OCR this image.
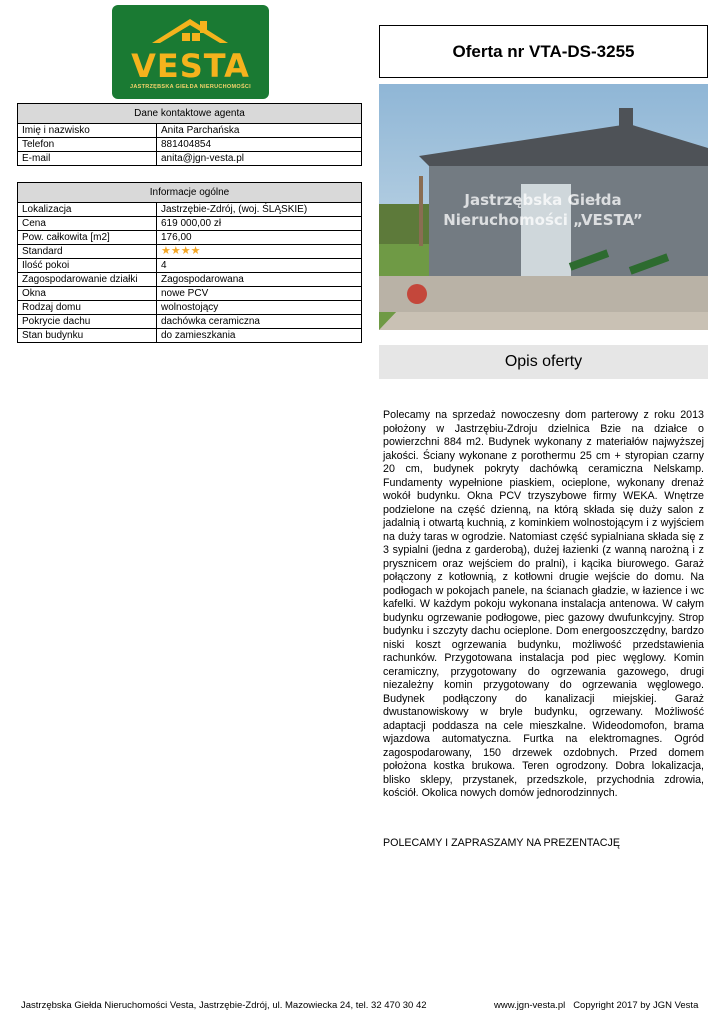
VESTA
JASTRZĘBSKA GIEŁDA NIERUCHOMOŚCI
Dane kontaktowe agenta	
Imię i nazwisko	Anita Parchańska
Telefon	881404854
E-mail	anita@jgn-vesta.pl
Informacje ogólne	
Lokalizacja	Jastrzębie-Zdrój, (woj. ŚLĄSKIE)
Cena	619 000,00 zł
Pow. całkowita [m2]	176,00
Standard	★★★★
Ilość pokoi	4
Zagospodarowanie działki	Zagospodarowana
Okna	nowe PCV
Rodzaj domu	wolnostojący
Pokrycie dachu	dachówka ceramiczna
Stan budynku	do zamieszkania
Oferta nr VTA-DS-3255
Jastrzębska Giełda
Nieruchomości „VESTA”
Opis oferty

Polecamy na sprzedaż nowoczesny dom parterowy z roku 2013 położony w Jastrzębiu-Zdroju dzielnica Bzie na działce o powierzchni 884 m2. Budynek wykonany z materiałów najwyższej jakości. Ściany wykonane z porothermu 25 cm + styropian czarny 20 cm, budynek pokryty dachówką ceramiczna Nelskamp. Fundamenty wypełnione piaskiem, ocieplone, wykonany drenaż wokół budynku. Okna PCV trzyszybowe firmy WEKA. Wnętrze podzielone na część dzienną, na którą składa się duży salon z jadalnią i otwartą kuchnią, z kominkiem wolnostojącym i z wyjściem na duży taras w ogrodzie. Natomiast część sypialniana składa się z 3 sypialni (jedna z garderobą), dużej łazienki (z wanną narożną i z prysznicem oraz wejściem do pralni), i kącika biurowego. Garaż połączony z kotłownią, z kotłowni drugie wejście do domu. Na podłogach w pokojach panele, na ścianach gładzie, w łazience i wc kafelki. W każdym pokoju wykonana instalacja antenowa. W całym budynku ogrzewanie podłogowe, piec gazowy dwufunkcyjny. Strop budynku i szczyty dachu ocieplone. Dom energooszczędny, bardzo niski koszt ogrzewania budynku, możliwość przedstawienia rachunków. Przygotowana instalacja pod piec węglowy. Komin ceramiczny, przygotowany do ogrzewania gazowego, drugi niezależny komin przygotowany do ogrzewania węglowego. Budynek podłączony do kanalizacji miejskiej. Garaż dwustanowiskowy w bryle budynku, ogrzewany. Możliwość adaptacji poddasza na cele mieszkalne. Wideodomofon, brama wjazdowa automatyczna. Furtka na elektromagnes. Ogród zagospodarowany, 150 drzewek ozdobnych. Przed domem położona kostka brukowa. Teren ogrodzony. Dobra lokalizacja, blisko sklepy, przystanek, przedszkole, przychodnia zdrowia, kościół. Okolica nowych domów jednorodzinnych.

POLECAMY I ZAPRASZAMY NA PREZENTACJĘ

Jastrzębska Giełda Nieruchomości Vesta, Jastrzębie-Zdrój, ul. Mazowiecka 24, tel. 32 470 30 42	www.jgn-vesta.pl   Copyright 2017 by JGN Vesta
